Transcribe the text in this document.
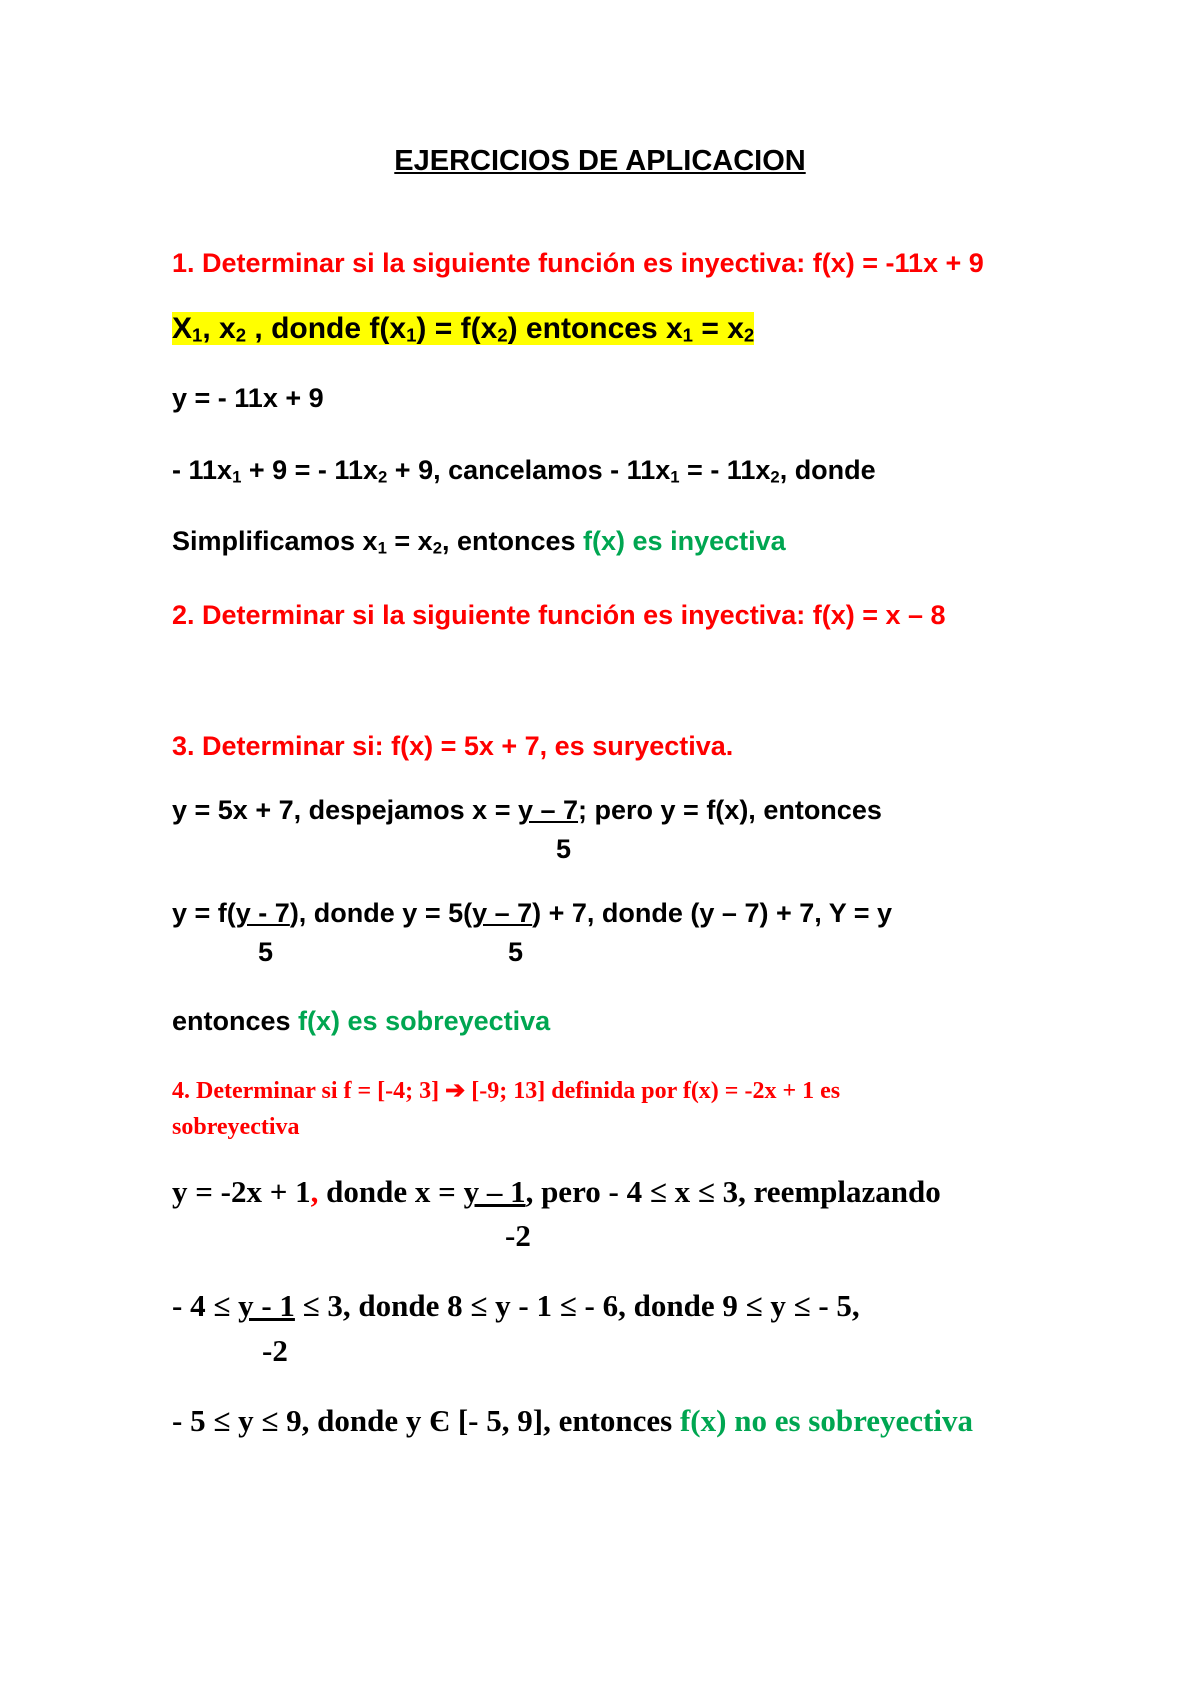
EJERCICIOS DE APLICACION
1. Determinar si la siguiente función es inyectiva: f(x) = -11x + 9
$X_1$, $x_2$ , donde $f(x_1) = f(x_2)$ entonces $x_1 = x_2$
y = - 11x + 9
- $11x_1 + 9$ = - $11x_2 + 9$, cancelamos - $11x_1$ = - $11x_2$, donde
Simplificamos $x_1 = x_2$, entonces f(x) es inyectiva
2. Determinar si la siguiente función es inyectiva: f(x) = x – 8
3. Determinar si: f(x) = 5x + 7, es suryectiva.
y = 5x + 7, despejamos x = y – 7; pero y = f(x), entonces
5
y = f(y - 7), donde y = 5(y – 7) + 7, donde (y – 7) + 7, Y = y
5	5
entonces f(x) es sobreyectiva
4. Determinar si f = [-4; 3] ➔ [-9; 13] definida por f(x) = -2x + 1 es
sobreyectiva
y = -2x + 1, donde x = y – 1, pero - 4 ≤ x ≤ 3, reemplazando
-2
- 4 ≤ y - 1 ≤ 3, donde 8 ≤ y - 1 ≤ - 6, donde 9 ≤ y ≤ - 5,
-2
- 5 ≤ y ≤ 9, donde y Є [- 5, 9], entonces f(x) no es sobreyectiva
